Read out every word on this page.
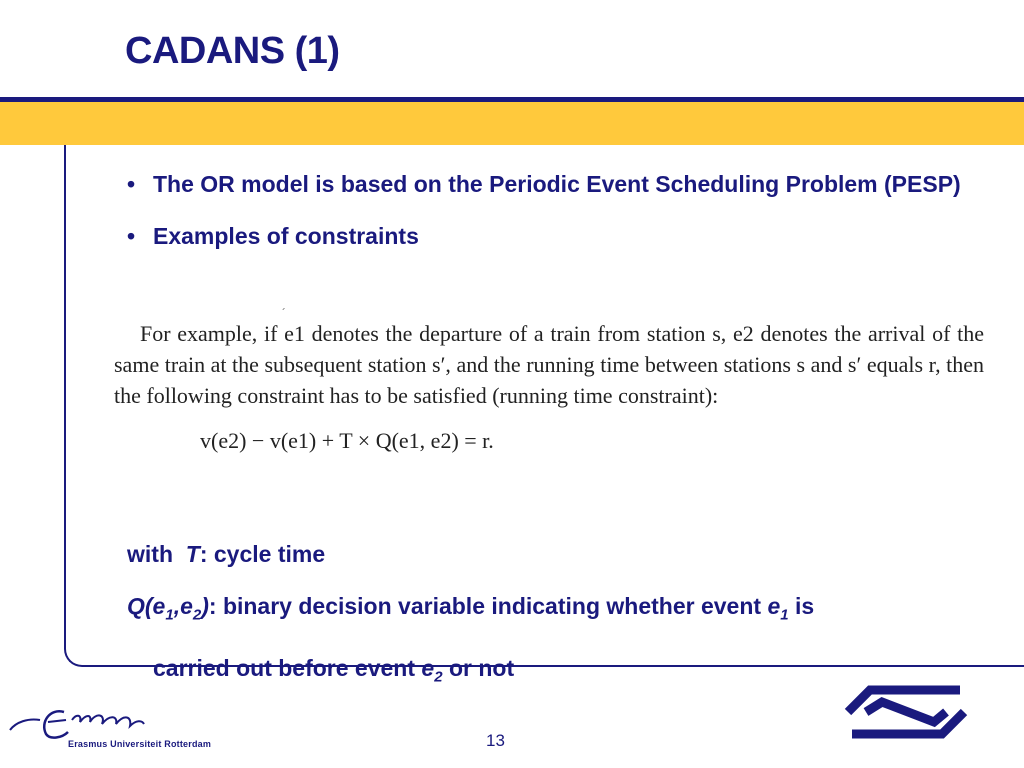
CADANS (1)
• The OR model is based on the Periodic Event Scheduling Problem (PESP)
• Examples of constraints
´
For example, if e1 denotes the departure of a train from station s, e2 denotes the arrival of the same train at the subsequent station s′, and the running time between stations s and s′ equals r, then the following constraint has to be satisfied (running time constraint):
v(e2) − v(e1) + T × Q(e1, e2) = r.
with T: cycle time
$Q(e_1,e_2)$: binary decision variable indicating whether event $e_1$ is
carried out before event $e_2$ or not
Erasmus Universiteit Rotterdam	13
